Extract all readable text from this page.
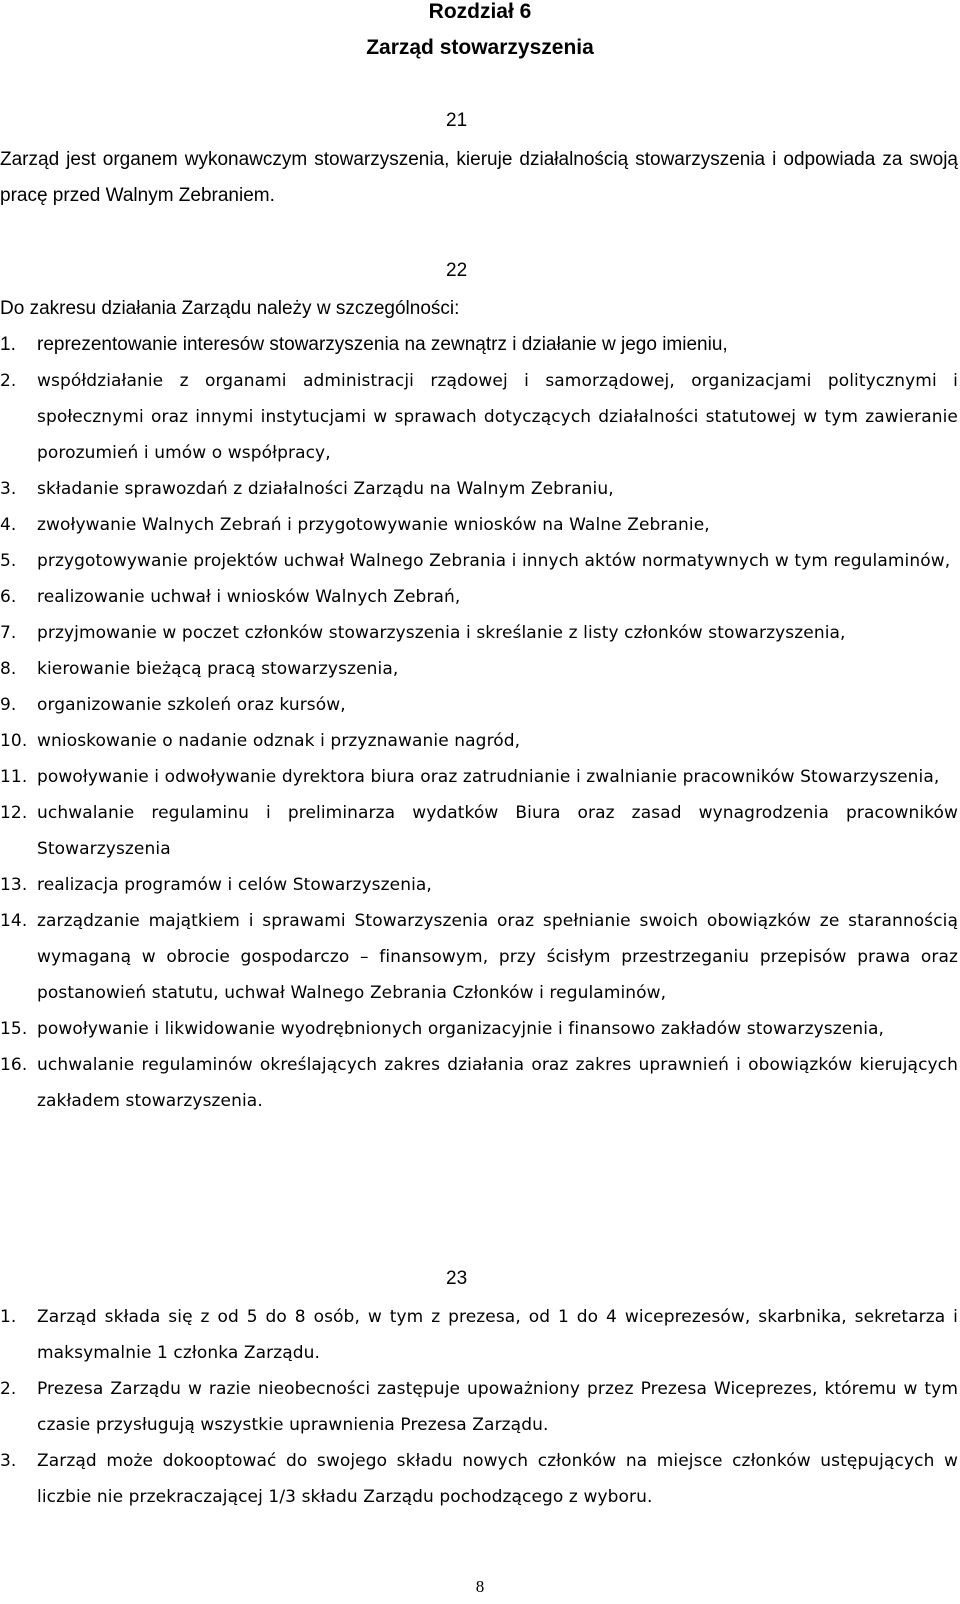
Rozdział 6
Zarząd stowarzyszenia
21
Zarząd jest organem wykonawczym stowarzyszenia, kieruje działalnością stowarzyszenia i odpowiada za swoją pracę przed Walnym Zebraniem.
22
Do zakresu działania Zarządu należy w szczególności:
1.	reprezentowanie interesów stowarzyszenia na zewnątrz i działanie w jego imieniu,
2.	współdziałanie z organami administracji rządowej i samorządowej, organizacjami politycznymi i społecznymi oraz innymi instytucjami w sprawach dotyczących działalności statutowej w tym zawieranie porozumień i umów o współpracy,
3.	składanie sprawozdań z działalności Zarządu na Walnym Zebraniu,
4.	zwoływanie Walnych Zebrań i przygotowywanie wniosków na Walne Zebranie,
5.	przygotowywanie projektów uchwał Walnego Zebrania i innych aktów normatywnych w tym regulaminów,
6.	realizowanie uchwał i wniosków Walnych Zebrań,
7.	przyjmowanie w poczet członków stowarzyszenia i skreślanie z listy członków stowarzyszenia,
8.	kierowanie bieżącą pracą stowarzyszenia,
9.	organizowanie szkoleń oraz kursów,
10. wnioskowanie o nadanie odznak i przyznawanie nagród,
11. powoływanie i odwoływanie dyrektora biura oraz zatrudnianie i zwalnianie pracowników Stowarzyszenia,
12. uchwalanie regulaminu i preliminarza wydatków Biura oraz zasad wynagrodzenia pracowników Stowarzyszenia
13. realizacja programów i celów Stowarzyszenia,
14. zarządzanie majątkiem i sprawami Stowarzyszenia oraz spełnianie swoich obowiązków ze starannością wymaganą w obrocie gospodarczo – finansowym, przy ścisłym przestrzeganiu przepisów prawa oraz postanowień statutu, uchwał Walnego Zebrania Członków i regulaminów,
15. powoływanie i likwidowanie wyodrębnionych organizacyjnie i finansowo zakładów stowarzyszenia,
16. uchwalanie regulaminów określających zakres działania oraz zakres uprawnień i obowiązków kierujących zakładem stowarzyszenia.
23
1.	Zarząd składa się z od 5 do 8 osób, w tym z prezesa, od 1 do 4 wiceprezesów, skarbnika, sekretarza i maksymalnie 1 członka Zarządu.
2.	Prezesa Zarządu w razie nieobecności zastępuje upoważniony przez Prezesa Wiceprezes, któremu w tym czasie przysługują wszystkie uprawnienia Prezesa Zarządu.
3.	Zarząd może dokooptować do swojego składu nowych członków na miejsce członków ustępujących w liczbie nie przekraczającej 1/3 składu Zarządu pochodzącego z wyboru.
8
